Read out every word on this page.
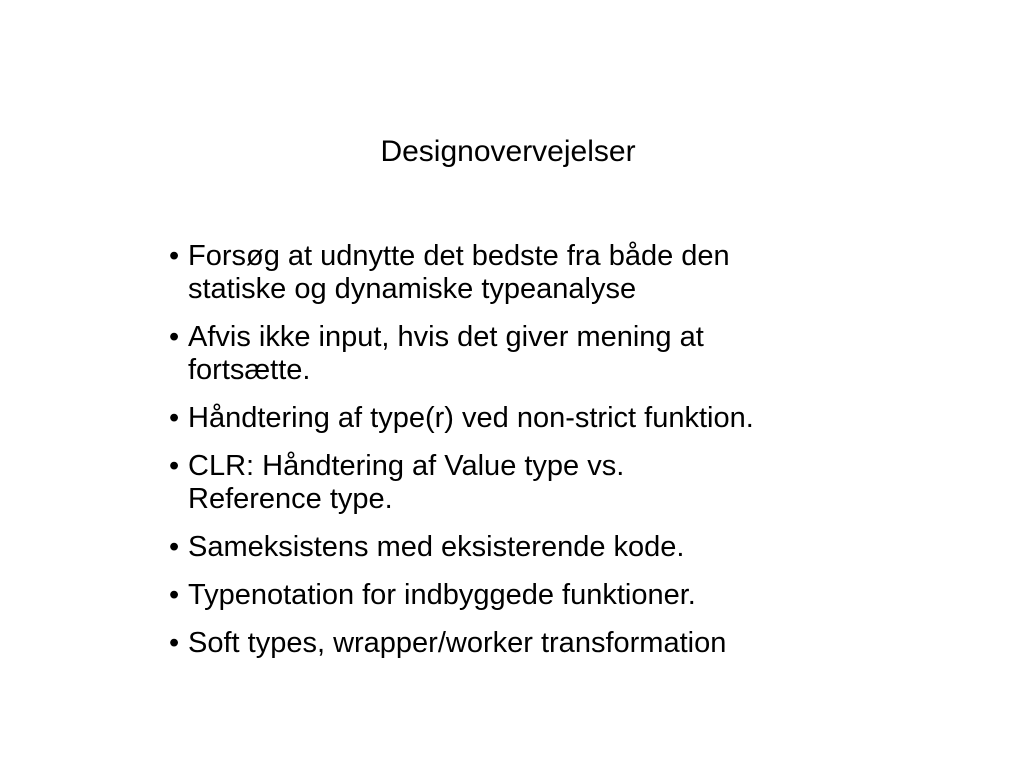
Designovervejelser
• Forsøg at udnytte det bedste fra både den
statiske og dynamiske typeanalyse
• Afvis ikke input, hvis det giver mening at
fortsætte.
• Håndtering af type(r) ved non-strict funktion.
• CLR: Håndtering af Value type vs.
Reference type.
• Sameksistens med eksisterende kode.
• Typenotation for indbyggede funktioner.
• Soft types, wrapper/worker transformation
